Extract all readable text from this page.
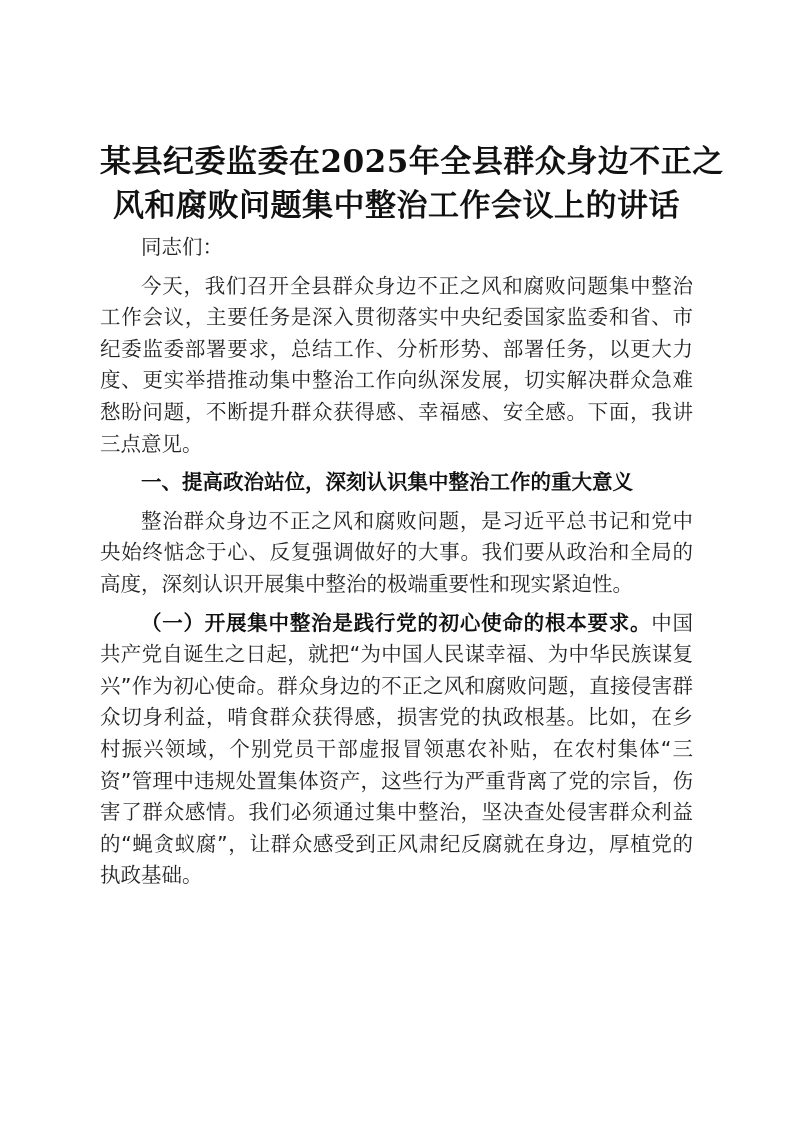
某县纪委监委在2025年全县群众身边不正之
风和腐败问题集中整治工作会议上的讲话

同志们：

今天，我们召开全县群众身边不正之风和腐败问题集中整治工作会议，主要任务是深入贯彻落实中央纪委国家监委和省、市纪委监委部署要求，总结工作、分析形势、部署任务，以更大力度、更实举措推动集中整治工作向纵深发展，切实解决群众急难愁盼问题，不断提升群众获得感、幸福感、安全感。下面，我讲三点意见。

一、提高政治站位，深刻认识集中整治工作的重大意义

整治群众身边不正之风和腐败问题，是习近平总书记和党中央始终惦念于心、反复强调做好的大事。我们要从政治和全局的高度，深刻认识开展集中整治的极端重要性和现实紧迫性。

（一）开展集中整治是践行党的初心使命的根本要求。中国共产党自诞生之日起，就把“为中国人民谋幸福、为中华民族谋复兴”作为初心使命。群众身边的不正之风和腐败问题，直接侵害群众切身利益，啃食群众获得感，损害党的执政根基。比如，在乡村振兴领域，个别党员干部虚报冒领惠农补贴，在农村集体“三资”管理中违规处置集体资产，这些行为严重背离了党的宗旨，伤害了群众感情。我们必须通过集中整治，坚决查处侵害群众利益的“蝇贪蚁腐”，让群众感受到正风肃纪反腐就在身边，厚植党的执政基础。
